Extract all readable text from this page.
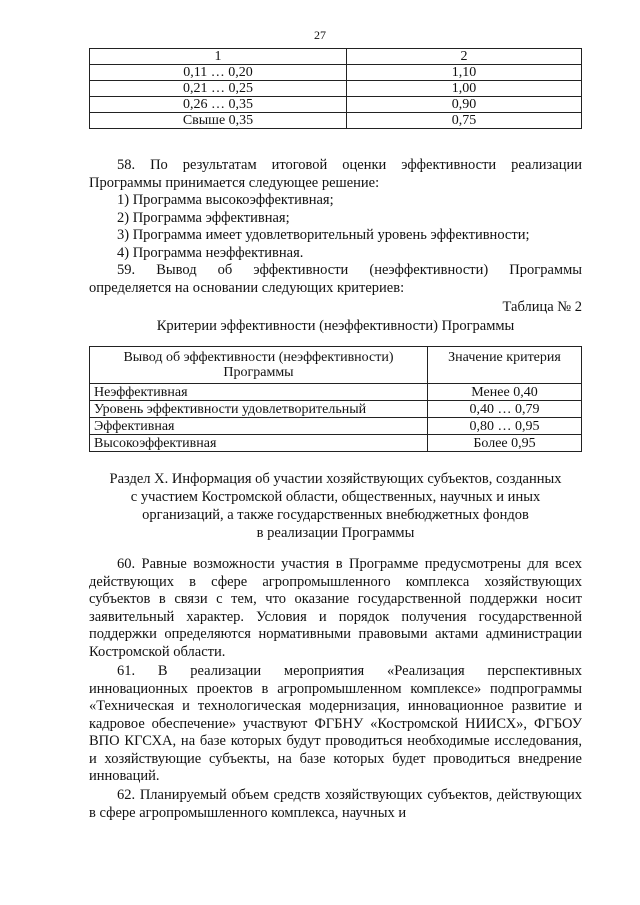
27
1	2
0,11 … 0,20	1,10
0,21 … 0,25	1,00
0,26 … 0,35	0,90
Свыше 0,35	0,75
58. По результатам итоговой оценки эффективности реализации
Программы принимается следующее решение:
1) Программа высокоэффективная;
2) Программа эффективная;
3) Программа имеет удовлетворительный уровень эффективности;
4) Программа неэффективная.
59. Вывод об эффективности (неэффективности) Программы
определяется на основании следующих критериев:
Таблица № 2
Критерии эффективности (неэффективности) Программы
Вывод об эффективности (неэффективности) Программы	Значение критерия
Неэффективная	Менее 0,40
Уровень эффективности удовлетворительный	0,40 … 0,79
Эффективная	0,80 … 0,95
Высокоэффективная	Более 0,95
Раздел X. Информация об участии хозяйствующих субъектов, созданных
с участием Костромской области, общественных, научных и иных
организаций, а также государственных внебюджетных фондов
в реализации Программы
60. Равные возможности участия в Программе предусмотрены для всех действующих в сфере агропромышленного комплекса хозяйствующих субъектов в связи с тем, что оказание государственной поддержки носит заявительный характер. Условия и порядок получения государственной поддержки определяются нормативными правовыми актами администрации Костромской области.
61. В реализации мероприятия «Реализация перспективных инновационных проектов в агропромышленном комплексе» подпрограммы «Техническая и технологическая модернизация, инновационное развитие и кадровое обеспечение» участвуют ФГБНУ «Костромской НИИСХ», ФГБОУ ВПО КГСХА, на базе которых будут проводиться необходимые исследования, и хозяйствующие субъекты, на базе которых будет проводиться внедрение инноваций.
62. Планируемый объем средств хозяйствующих субъектов, действующих в сфере агропромышленного комплекса, научных и
